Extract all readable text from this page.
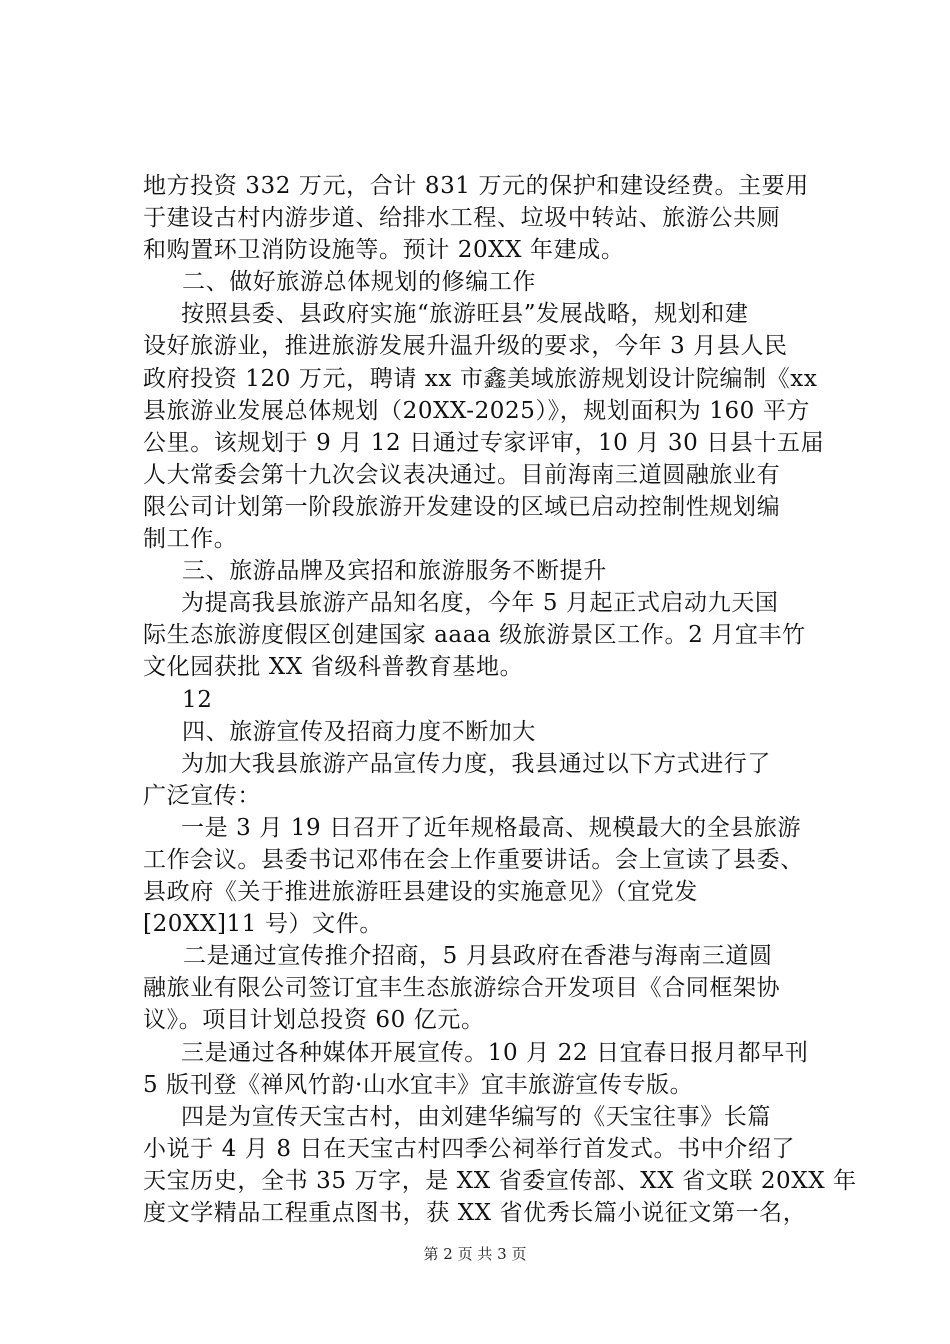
地方投资 332 万元，合计 831 万元的保护和建设经费。主要用
于建设古村内游步道、给排水工程、垃圾中转站、旅游公共厕
和购置环卫消防设施等。预计 20XX 年建成。
二、做好旅游总体规划的修编工作
按照县委、县政府实施“旅游旺县”发展战略，规划和建
设好旅游业，推进旅游发展升温升级的要求，今年 3 月县人民
政府投资 120 万元，聘请 xx 市鑫美域旅游规划设计院编制《xx
县旅游业发展总体规划（20XX-2025）》，规划面积为 160 平方
公里。该规划于 9 月 12 日通过专家评审，10 月 30 日县十五届
人大常委会第十九次会议表决通过。目前海南三道圆融旅业有
限公司计划第一阶段旅游开发建设的区域已启动控制性规划编
制工作。
三、旅游品牌及宾招和旅游服务不断提升
为提高我县旅游产品知名度，今年 5 月起正式启动九天国
际生态旅游度假区创建国家 aaaa 级旅游景区工作。2 月宜丰竹
文化园获批 XX 省级科普教育基地。
12
四、旅游宣传及招商力度不断加大
为加大我县旅游产品宣传力度，我县通过以下方式进行了
广泛宣传：
一是 3 月 19 日召开了近年规格最高、规模最大的全县旅游
工作会议。县委书记邓伟在会上作重要讲话。会上宣读了县委、
县政府《关于推进旅游旺县建设的实施意见》（宜党发
[20XX]11 号）文件。
二是通过宣传推介招商，5 月县政府在香港与海南三道圆
融旅业有限公司签订宜丰生态旅游综合开发项目《合同框架协
议》。项目计划总投资 60 亿元。
三是通过各种媒体开展宣传。10 月 22 日宜春日报月都早刊
5 版刊登《禅风竹韵·山水宜丰》宜丰旅游宣传专版。
四是为宣传天宝古村，由刘建华编写的《天宝往事》长篇
小说于 4 月 8 日在天宝古村四季公祠举行首发式。书中介绍了
天宝历史，全书 35 万字，是 XX 省委宣传部、XX 省文联 20XX 年
度文学精品工程重点图书，获 XX 省优秀长篇小说征文第一名，
第 2 页 共 3 页
